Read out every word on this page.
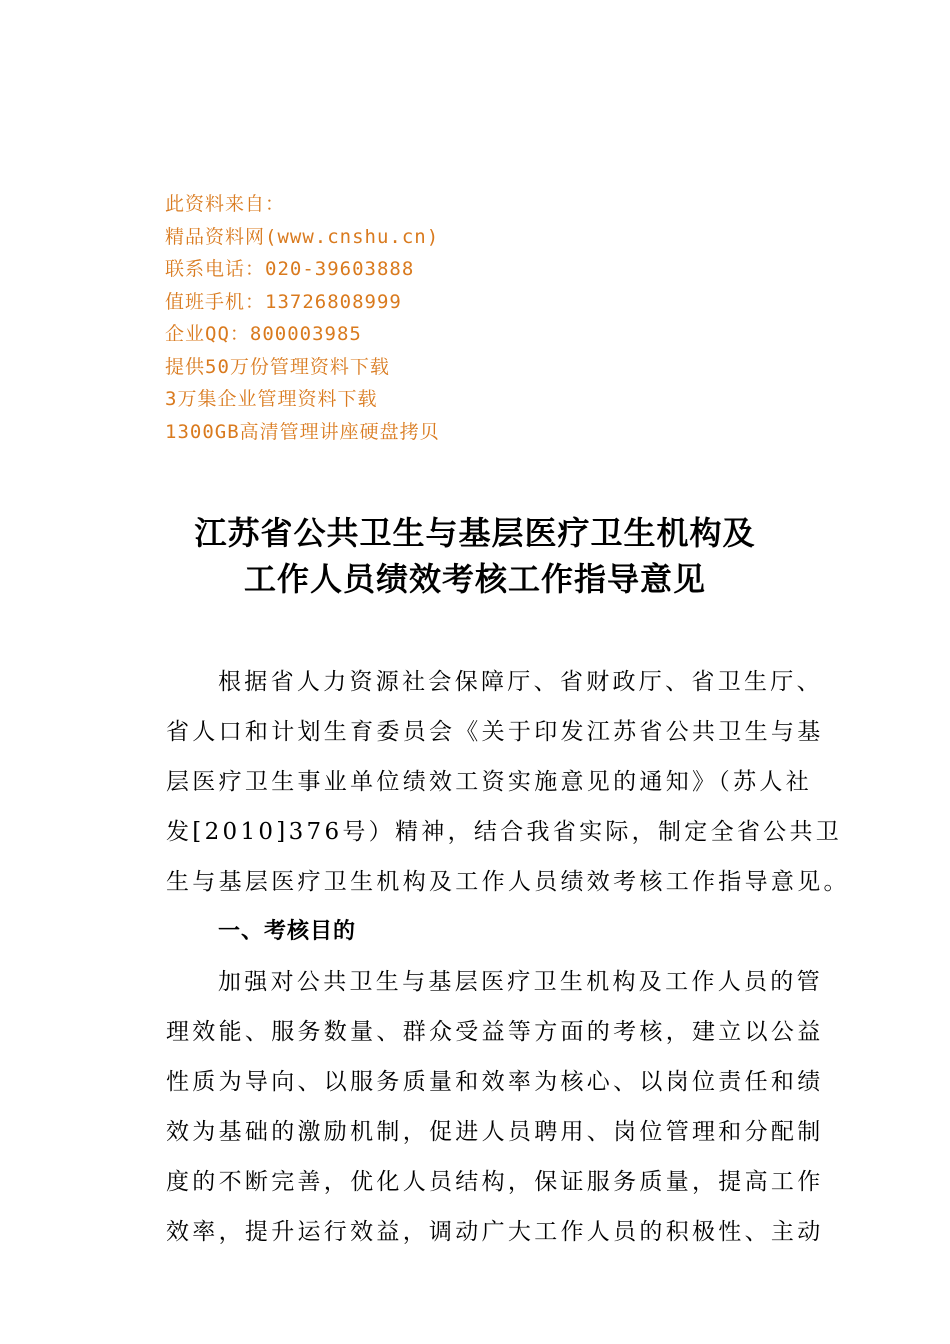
此资料来自：
精品资料网(www.cnshu.cn)
联系电话：020-39603888
值班手机：13726808999
企业QQ：800003985
提供50万份管理资料下载
3万集企业管理资料下载
1300GB高清管理讲座硬盘拷贝
江苏省公共卫生与基层医疗卫生机构及
工作人员绩效考核工作指导意见
根据省人力资源社会保障厅、省财政厅、省卫生厅、
省人口和计划生育委员会《关于印发江苏省公共卫生与基
层医疗卫生事业单位绩效工资实施意见的通知》（苏人社
发[2010]376号）精神，结合我省实际，制定全省公共卫
生与基层医疗卫生机构及工作人员绩效考核工作指导意见。
一、考核目的
加强对公共卫生与基层医疗卫生机构及工作人员的管
理效能、服务数量、群众受益等方面的考核，建立以公益
性质为导向、以服务质量和效率为核心、以岗位责任和绩
效为基础的激励机制，促进人员聘用、岗位管理和分配制
度的不断完善，优化人员结构，保证服务质量，提高工作
效率，提升运行效益，调动广大工作人员的积极性、主动
